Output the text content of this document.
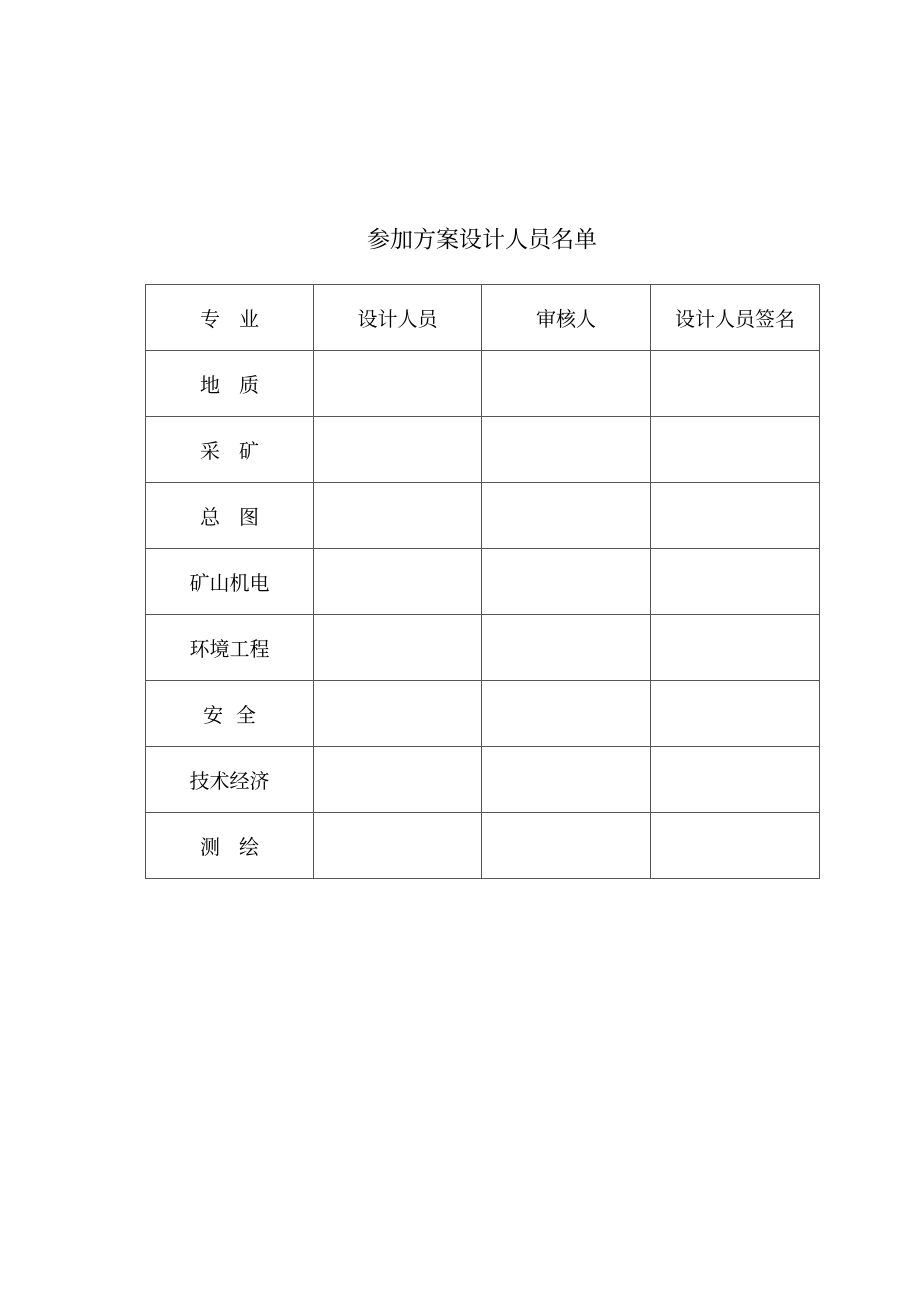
参加方案设计人员名单
专   业	设计人员	审核人	设计人员签名
地   质			
采   矿			
总   图			
矿山机电			
环境工程			
安  全			
技术经济			
测   绘			
